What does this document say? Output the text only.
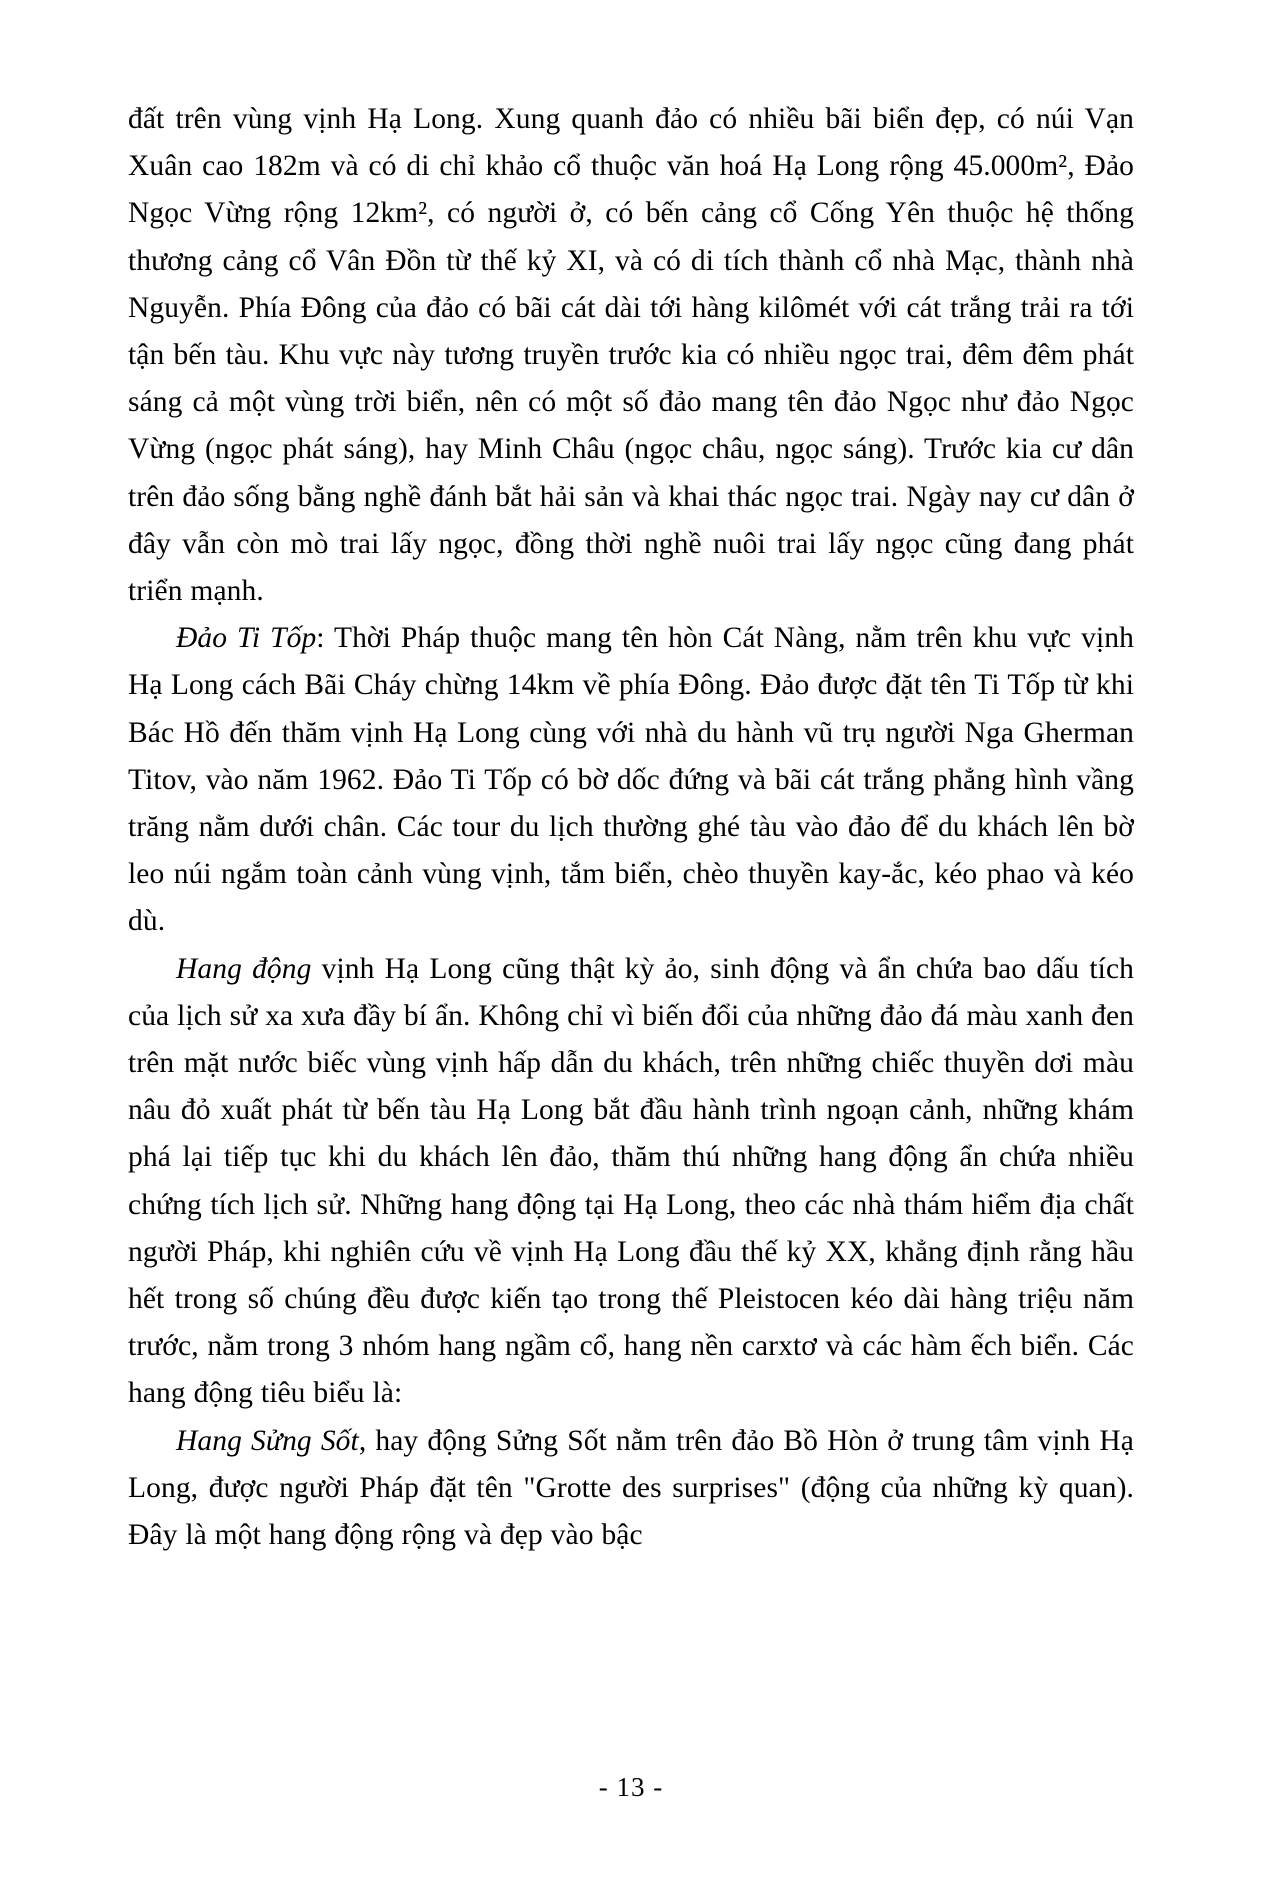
đất trên vùng vịnh Hạ Long. Xung quanh đảo có nhiều bãi biển đẹp, có núi Vạn Xuân cao 182m và có di chỉ khảo cổ thuộc văn hoá Hạ Long rộng 45.000m², Đảo Ngọc Vừng rộng 12km², có người ở, có bến cảng cổ Cống Yên thuộc hệ thống thương cảng cổ Vân Đồn từ thế kỷ XI, và có di tích thành cổ nhà Mạc, thành nhà Nguyễn. Phía Đông của đảo có bãi cát dài tới hàng kilômét với cát trắng trải ra tới tận bến tàu. Khu vực này tương truyền trước kia có nhiều ngọc trai, đêm đêm phát sáng cả một vùng trời biển, nên có một số đảo mang tên đảo Ngọc như đảo Ngọc Vừng (ngọc phát sáng), hay Minh Châu (ngọc châu, ngọc sáng). Trước kia cư dân trên đảo sống bằng nghề đánh bắt hải sản và khai thác ngọc trai. Ngày nay cư dân ở đây vẫn còn mò trai lấy ngọc, đồng thời nghề nuôi trai lấy ngọc cũng đang phát triển mạnh.

Đảo Ti Tốp: Thời Pháp thuộc mang tên hòn Cát Nàng, nằm trên khu vực vịnh Hạ Long cách Bãi Cháy chừng 14km về phía Đông. Đảo được đặt tên Ti Tốp từ khi Bác Hồ đến thăm vịnh Hạ Long cùng với nhà du hành vũ trụ người Nga Gherman Titov, vào năm 1962. Đảo Ti Tốp có bờ dốc đứng và bãi cát trắng phẳng hình vầng trăng nằm dưới chân. Các tour du lịch thường ghé tàu vào đảo để du khách lên bờ leo núi ngắm toàn cảnh vùng vịnh, tắm biển, chèo thuyền kay-ắc, kéo phao và kéo dù.

Hang động vịnh Hạ Long cũng thật kỳ ảo, sinh động và ẩn chứa bao dấu tích của lịch sử xa xưa đầy bí ẩn. Không chỉ vì biến đổi của những đảo đá màu xanh đen trên mặt nước biếc vùng vịnh hấp dẫn du khách, trên những chiếc thuyền dơi màu nâu đỏ xuất phát từ bến tàu Hạ Long bắt đầu hành trình ngoạn cảnh, những khám phá lại tiếp tục khi du khách lên đảo, thăm thú những hang động ẩn chứa nhiều chứng tích lịch sử. Những hang động tại Hạ Long, theo các nhà thám hiểm địa chất người Pháp, khi nghiên cứu về vịnh Hạ Long đầu thế kỷ XX, khẳng định rằng hầu hết trong số chúng đều được kiến tạo trong thế Pleistocen kéo dài hàng triệu năm trước, nằm trong 3 nhóm hang ngầm cổ, hang nền carxtơ và các hàm ếch biển. Các hang động tiêu biểu là:

Hang Sửng Sốt, hay động Sửng Sốt nằm trên đảo Bồ Hòn ở trung tâm vịnh Hạ Long, được người Pháp đặt tên "Grotte des surprises" (động của những kỳ quan). Đây là một hang động rộng và đẹp vào bậc

- 13 -
